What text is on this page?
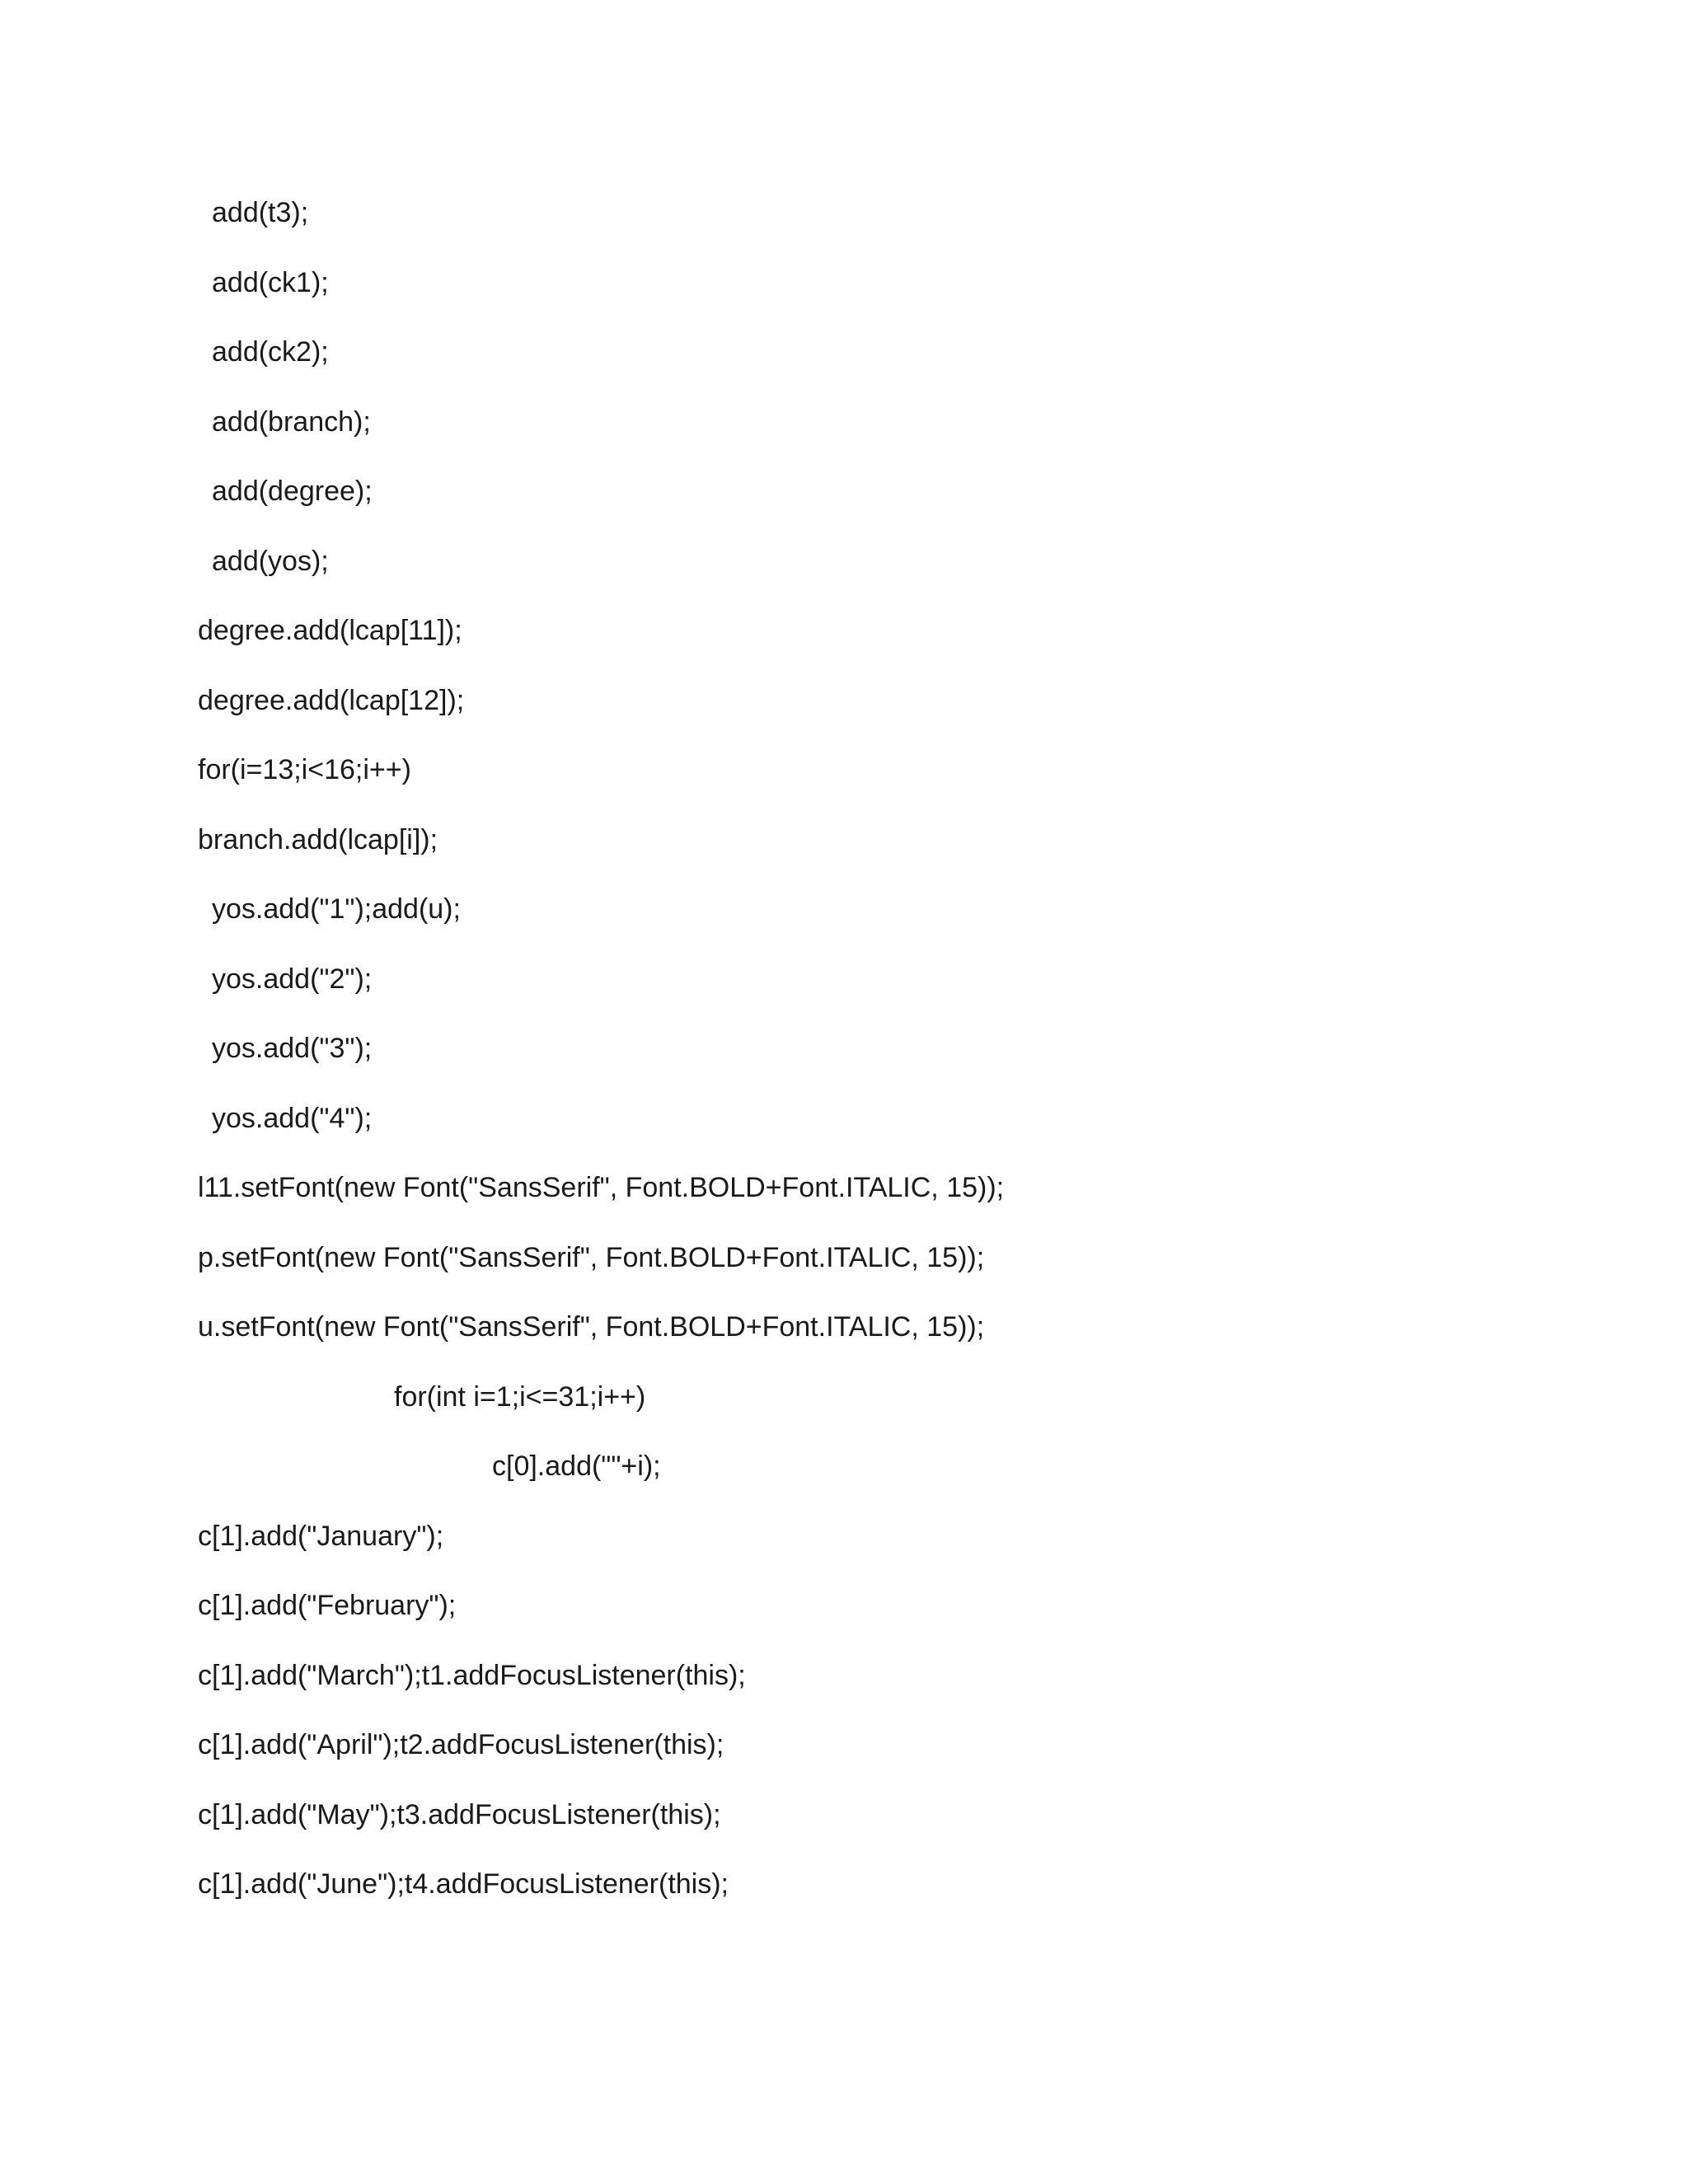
add(t3);
add(ck1);
add(ck2);
add(branch);
add(degree);
add(yos);
degree.add(lcap[11]);
degree.add(lcap[12]);
for(i=13;i<16;i++)
branch.add(lcap[i]);
yos.add("1");add(u);
yos.add("2");
yos.add("3");
yos.add("4");
l11.setFont(new Font("SansSerif", Font.BOLD+Font.ITALIC, 15));
p.setFont(new Font("SansSerif", Font.BOLD+Font.ITALIC, 15));
u.setFont(new Font("SansSerif", Font.BOLD+Font.ITALIC, 15));
for(int i=1;i<=31;i++)
c[0].add(""+i);
c[1].add("January");
c[1].add("February");
c[1].add("March");t1.addFocusListener(this);
c[1].add("April");t2.addFocusListener(this);
c[1].add("May");t3.addFocusListener(this);
c[1].add("June");t4.addFocusListener(this);
